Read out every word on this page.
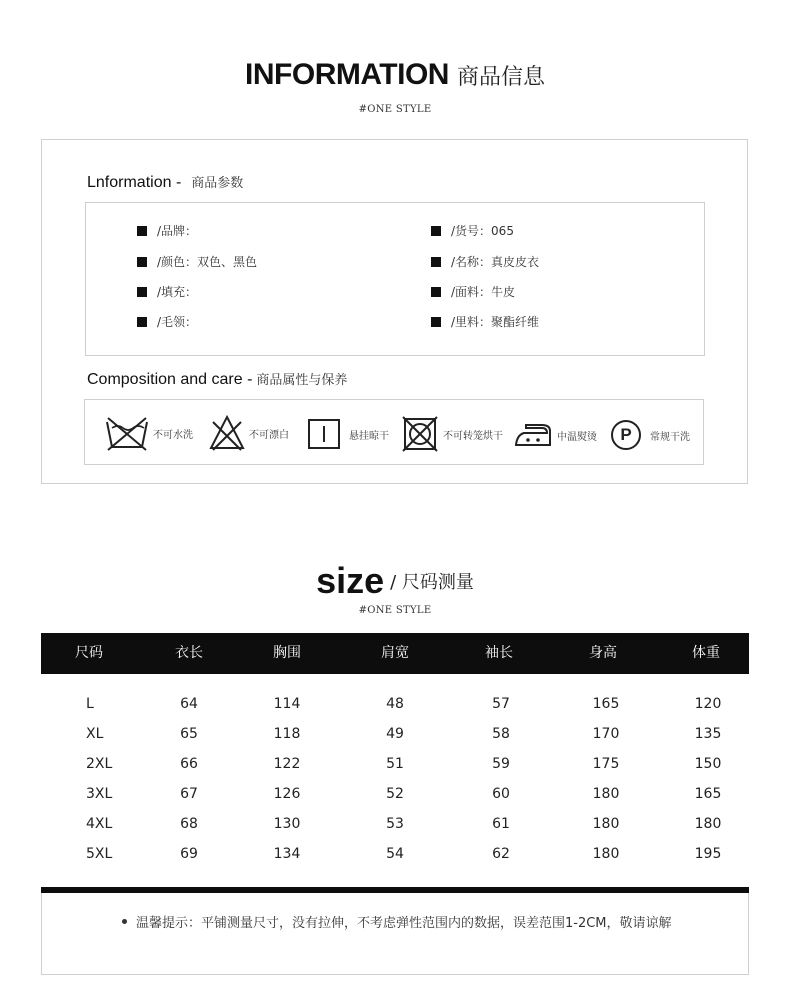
INFORMATION 商品信息
#ONE STYLE
Lnformation - 商品参数
/品牌：
/颜色：双色、黑色
/填充：
/毛领：
/货号：065
/名称：真皮皮衣
/面料：牛皮
/里料：聚酯纤维
Composition and care - 商品属性与保养
不可水洗	不可漂白	悬挂晾干	不可转笼烘干	中温熨烫	P	常规干洗
size / 尺码测量
#ONE STYLE
尺码	衣长	胸围	肩宽	袖长	身高	体重
L	64	114	48	57	165	120
XL	65	118	49	58	170	135
2XL	66	122	51	59	175	150
3XL	67	126	52	60	180	165
4XL	68	130	53	61	180	180
5XL	69	134	54	62	180	195
温馨提示：平铺测量尺寸，没有拉伸，不考虑弹性范围内的数据，误差范围1-2CM，敬请谅解
